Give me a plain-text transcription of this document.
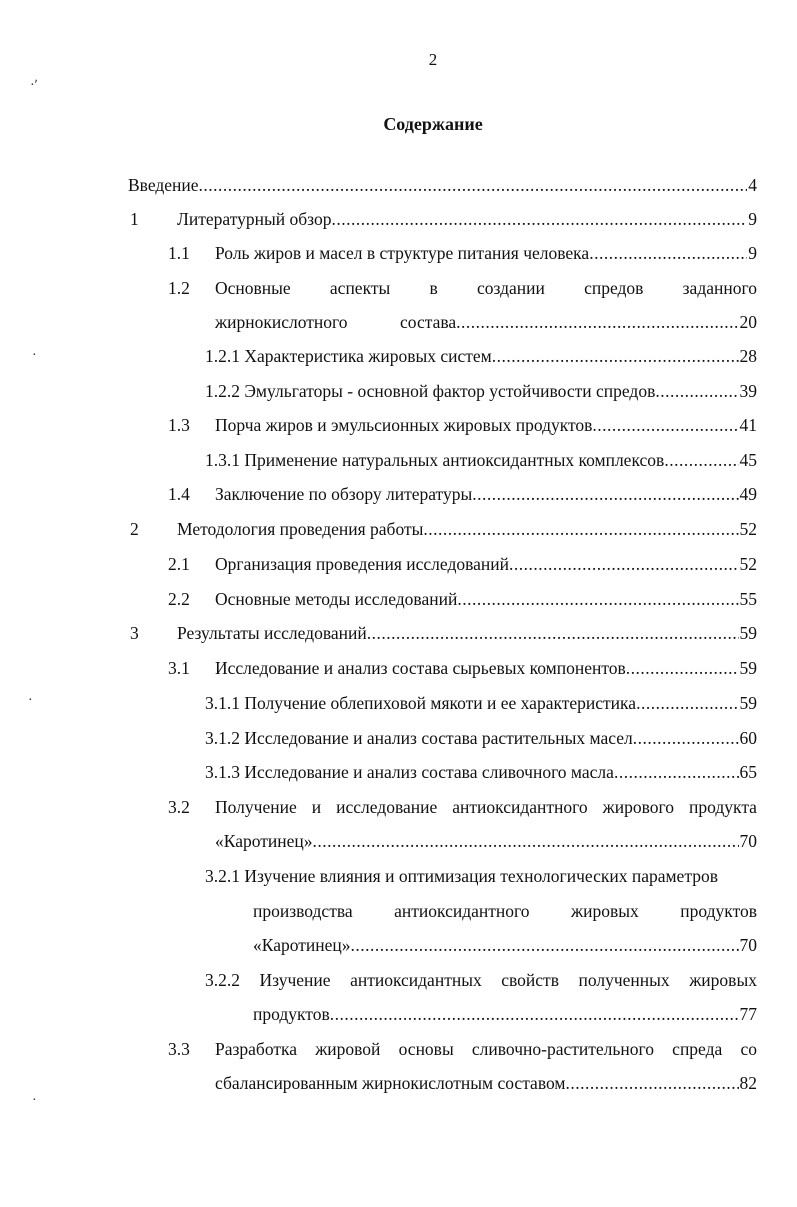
2
Содержание
·ʹ
·
·
·
Введение .....	4
1	Литературный обзор .....	9
1.1	Роль жиров и масел в структуре питания человека .....	9
1.2	Основные аспекты в создании спредов заданного
жирнокислотного	состава .....	20
1.2.1 Характеристика жировых систем .....	28
1.2.2 Эмульгаторы - основной фактор устойчивости спредов .....	39
1.3	Порча жиров и эмульсионных жировых продуктов .....	41
1.3.1 Применение натуральных антиоксидантных комплексов .....	45
1.4	Заключение по обзору литературы .....	49
2	Методология проведения работы .....	52
2.1	Организация проведения исследований .....	52
2.2	Основные методы исследований .....	55
3	Результаты исследований .....	59
3.1	Исследование и анализ состава сырьевых компонентов .....	59
3.1.1 Получение облепиховой мякоти и ее характеристика .....	59
3.1.2 Исследование и анализ состава растительных масел .....	60
3.1.3 Исследование и анализ состава сливочного масла .....	65
3.2	Получение и исследование антиоксидантного жирового продукта
«Каротинец» .....	70
3.2.1 Изучение влияния и оптимизация технологических параметров
производства антиоксидантного жировых продуктов
«Каротинец» .....	70
3.2.2 Изучение антиоксидантных свойств полученных жировых
продуктов .....	77
3.3	Разработка жировой основы сливочно-растительного спреда со
сбалансированным жирнокислотным составом .....	82
